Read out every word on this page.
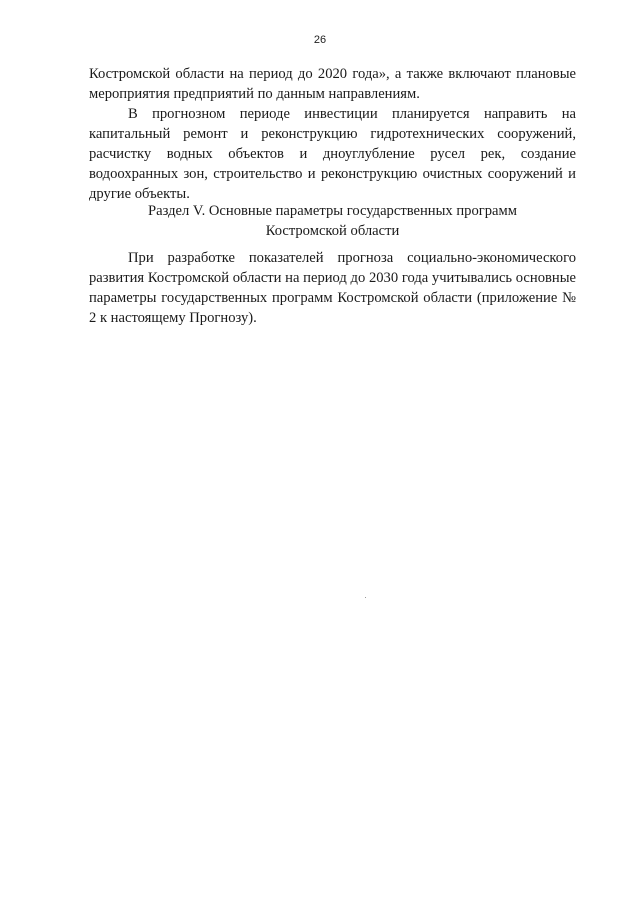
26

Костромской области на период до 2020 года», а также включают плановые мероприятия предприятий по данным направлениям.

В прогнозном периоде инвестиции планируется направить на капитальный ремонт и реконструкцию гидротехнических сооружений, расчистку водных объектов и дноуглубление русел рек, создание водоохранных зон, строительство и реконструкцию очистных сооружений и другие объекты.

Раздел V. Основные параметры государственных программ
Костромской области

При разработке показателей прогноза социально-экономического развития Костромской области на период до 2030 года учитывались основные параметры государственных программ Костромской области (приложение № 2 к настоящему Прогнозу).
